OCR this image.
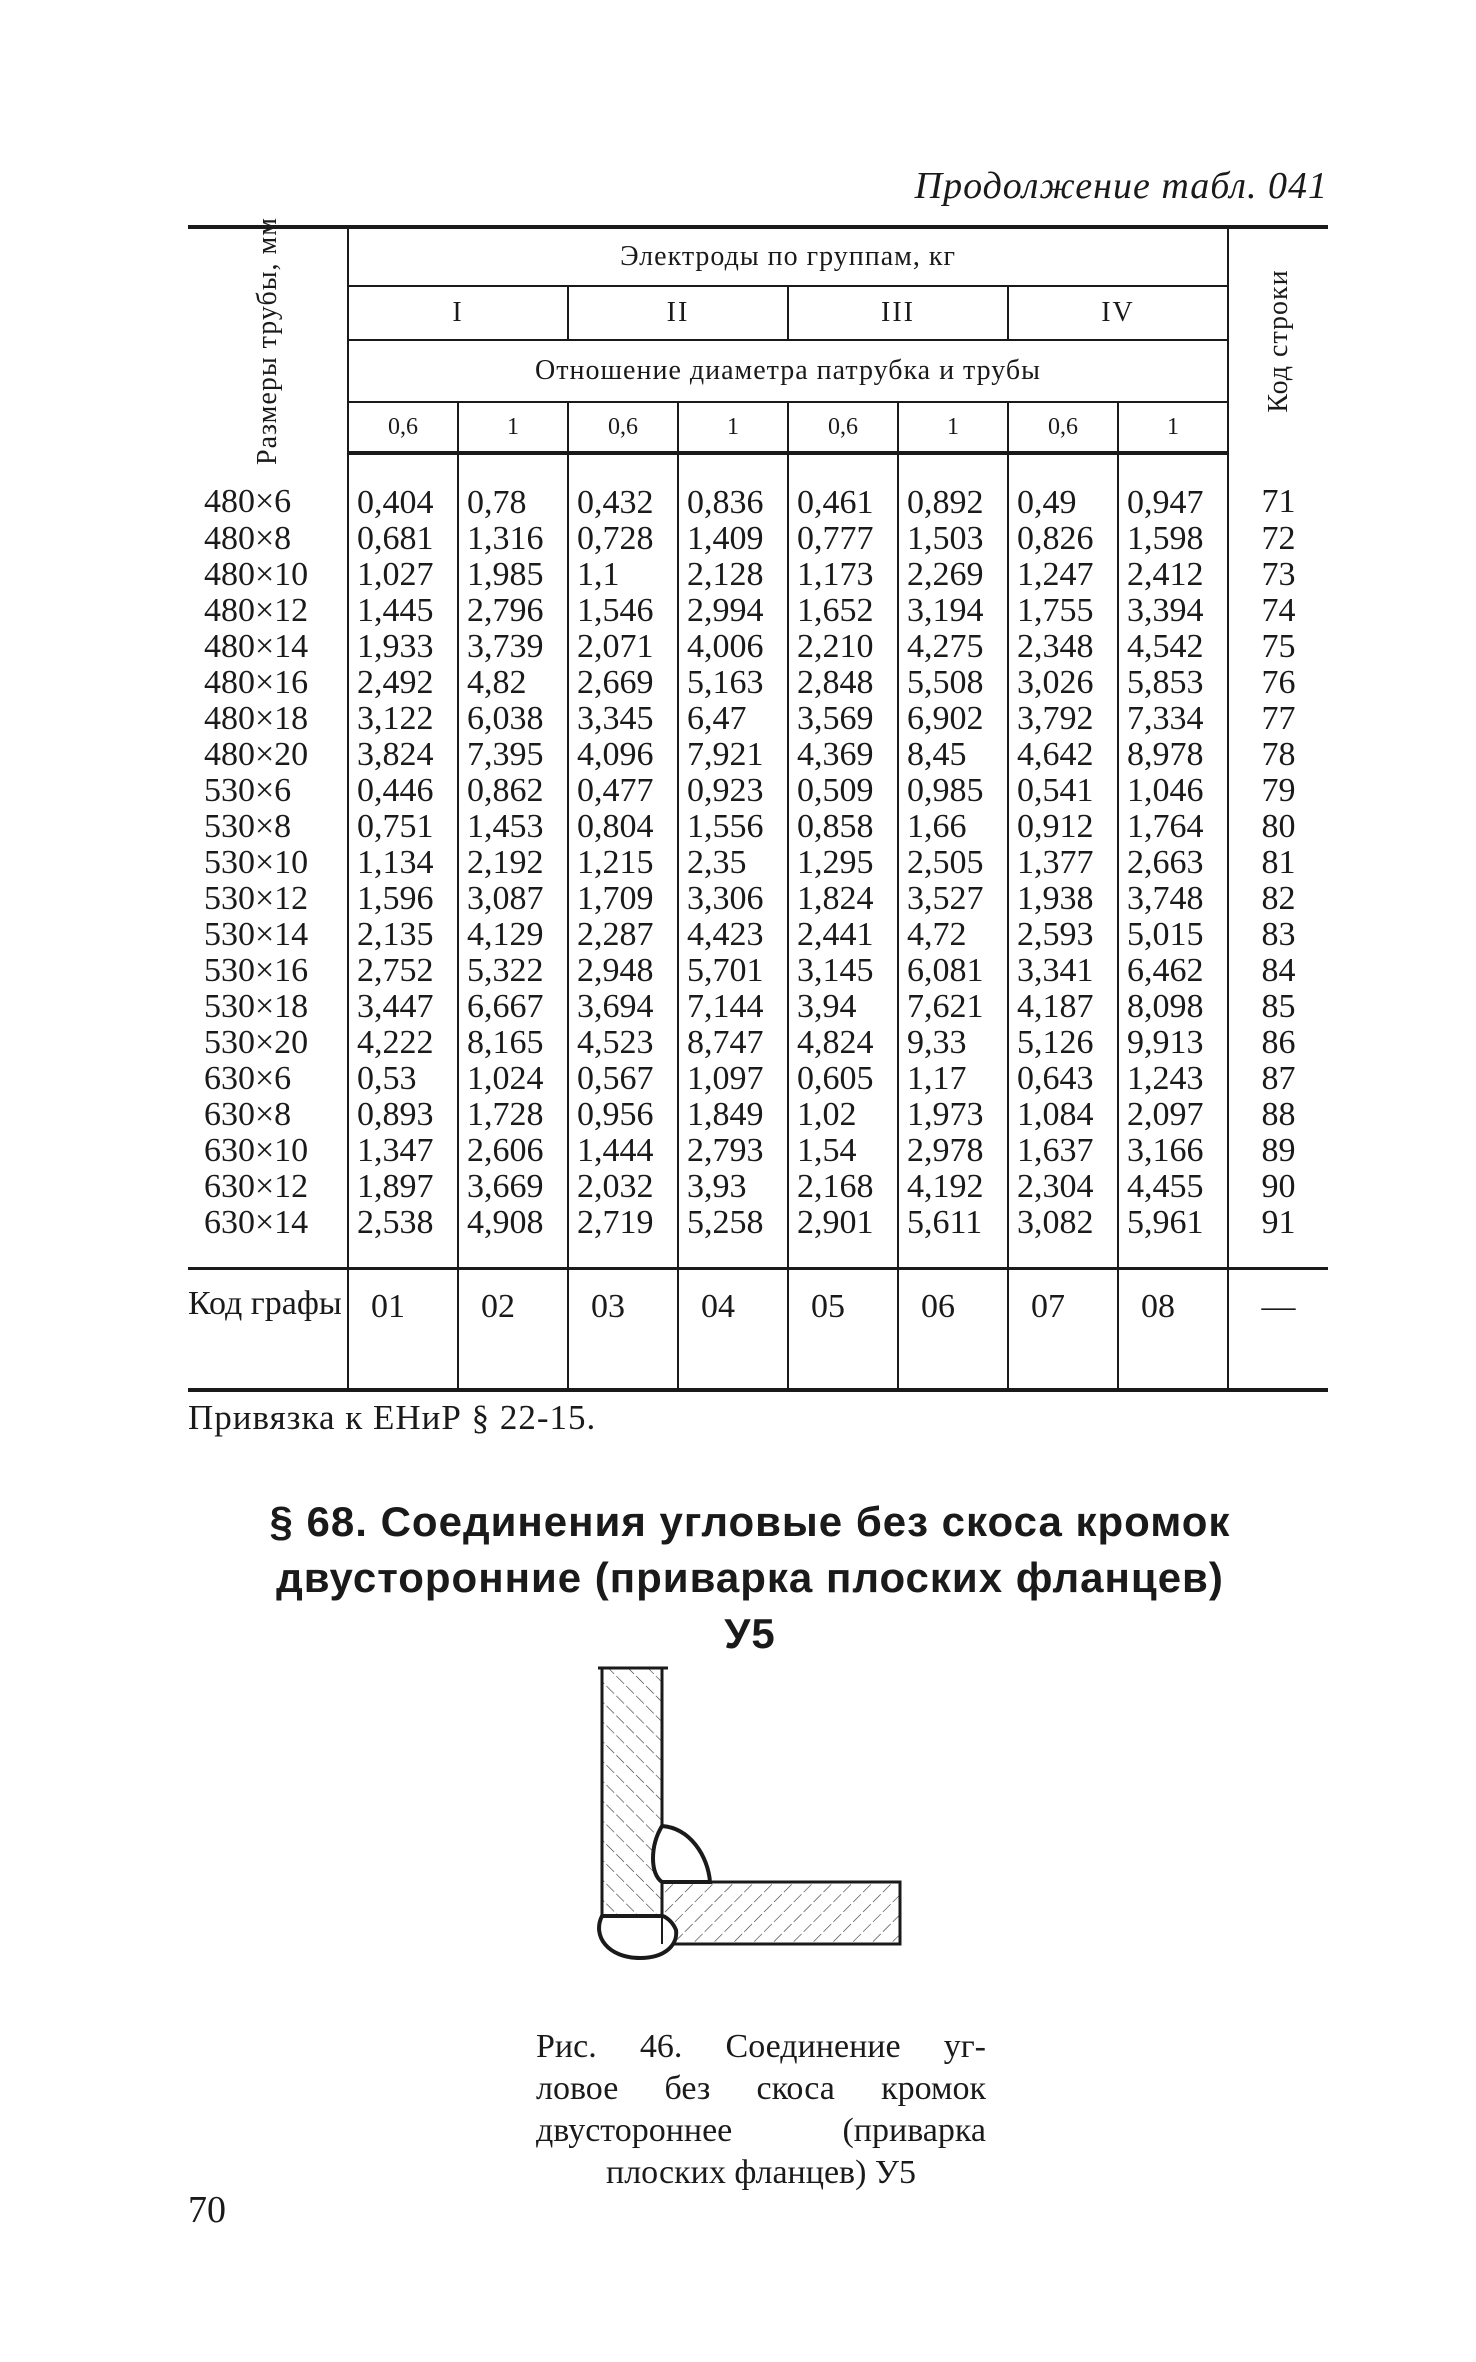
Продолжение табл. 041
Размеры трубы, мм	Электроды по группам, кг								Код строки

	I		II		III		IV		
	Отношение диаметра патрубка и трубы								
	0,6	1	0,6	1	0,6	1	0,6	1	
480×6	0,404	0,78	0,432	0,836	0,461	0,892	0,49	0,947	71
480×8	0,681	1,316	0,728	1,409	0,777	1,503	0,826	1,598	72
480×10	1,027	1,985	1,1	2,128	1,173	2,269	1,247	2,412	73
480×12	1,445	2,796	1,546	2,994	1,652	3,194	1,755	3,394	74
480×14	1,933	3,739	2,071	4,006	2,210	4,275	2,348	4,542	75
480×16	2,492	4,82	2,669	5,163	2,848	5,508	3,026	5,853	76
480×18	3,122	6,038	3,345	6,47	3,569	6,902	3,792	7,334	77
480×20	3,824	7,395	4,096	7,921	4,369	8,45	4,642	8,978	78
530×6	0,446	0,862	0,477	0,923	0,509	0,985	0,541	1,046	79
530×8	0,751	1,453	0,804	1,556	0,858	1,66	0,912	1,764	80
530×10	1,134	2,192	1,215	2,35	1,295	2,505	1,377	2,663	81
530×12	1,596	3,087	1,709	3,306	1,824	3,527	1,938	3,748	82
530×14	2,135	4,129	2,287	4,423	2,441	4,72	2,593	5,015	83
530×16	2,752	5,322	2,948	5,701	3,145	6,081	3,341	6,462	84
530×18	3,447	6,667	3,694	7,144	3,94	7,621	4,187	8,098	85
530×20	4,222	8,165	4,523	8,747	4,824	9,33	5,126	9,913	86
630×6	0,53	1,024	0,567	1,097	0,605	1,17	0,643	1,243	87
630×8	0,893	1,728	0,956	1,849	1,02	1,973	1,084	2,097	88
630×10	1,347	2,606	1,444	2,793	1,54	2,978	1,637	3,166	89
630×12	1,897	3,669	2,032	3,93	2,168	4,192	2,304	4,455	90
630×14	2,538	4,908	2,719	5,258	2,901	5,611	3,082	5,961	91
Код графы	01	02	03	04	05	06	07	08	—
Привязка к ЕНиР § 22-15.
§ 68. Соединения угловые без скоса кромок
двусторонние (приварка плоских фланцев) У5
Рис. 46. Соединение уг-
ловое без скоса кромок
двустороннее (приварка
плоских фланцев) У5
70
